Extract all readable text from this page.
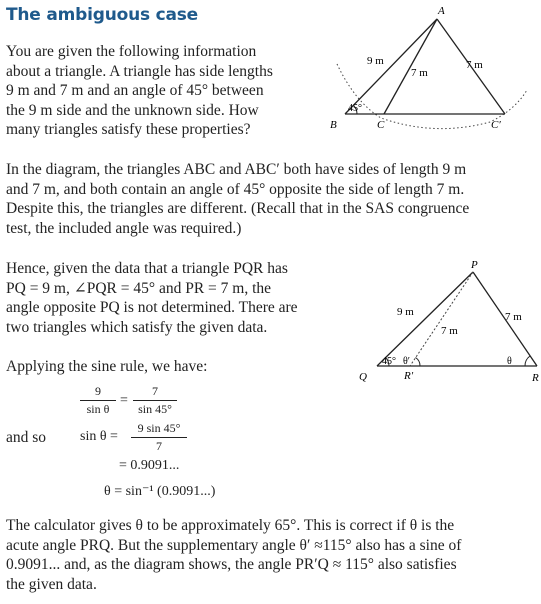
The ambiguous case
You are given the following information
about a triangle. A triangle has side lengths
9 m and 7 m and an angle of 45° between
the 9 m side and the unknown side. How
many triangles satisfy these properties?
A
B	C	C′
9 m
7 m
7 m
45°
In the diagram, the triangles ABC and ABC′ both have sides of length 9 m
and 7 m, and both contain an angle of 45° opposite the side of length 7 m.
Despite this, the triangles are different. (Recall that in the SAS congruence
test, the included angle was required.)
Hence, given the data that a triangle PQR has
PQ = 9 m, ∠PQR = 45° and PR = 7 m, the
angle opposite PQ is not determined. There are
two triangles which satisfy the given data.
P
Q	R
R′
9 m
7 m
7 m
45° θ′	θ
Applying the sine rule, we have:
$\frac{9}{\text{sin θ}} = \frac{7}{\sin 45^\circ}$
and so $\sin \theta = \frac{9 \sin 45^\circ}{7}$
= 0.9091...
θ = sin⁻¹ (0.9091...)
The calculator gives θ to be approximately 65°. This is correct if θ is the
acute angle PRQ. But the supplementary angle θ′ ≈115° also has a sine of
0.9091... and, as the diagram shows, the angle PR′Q ≈ 115° also satisfies
the given data.
